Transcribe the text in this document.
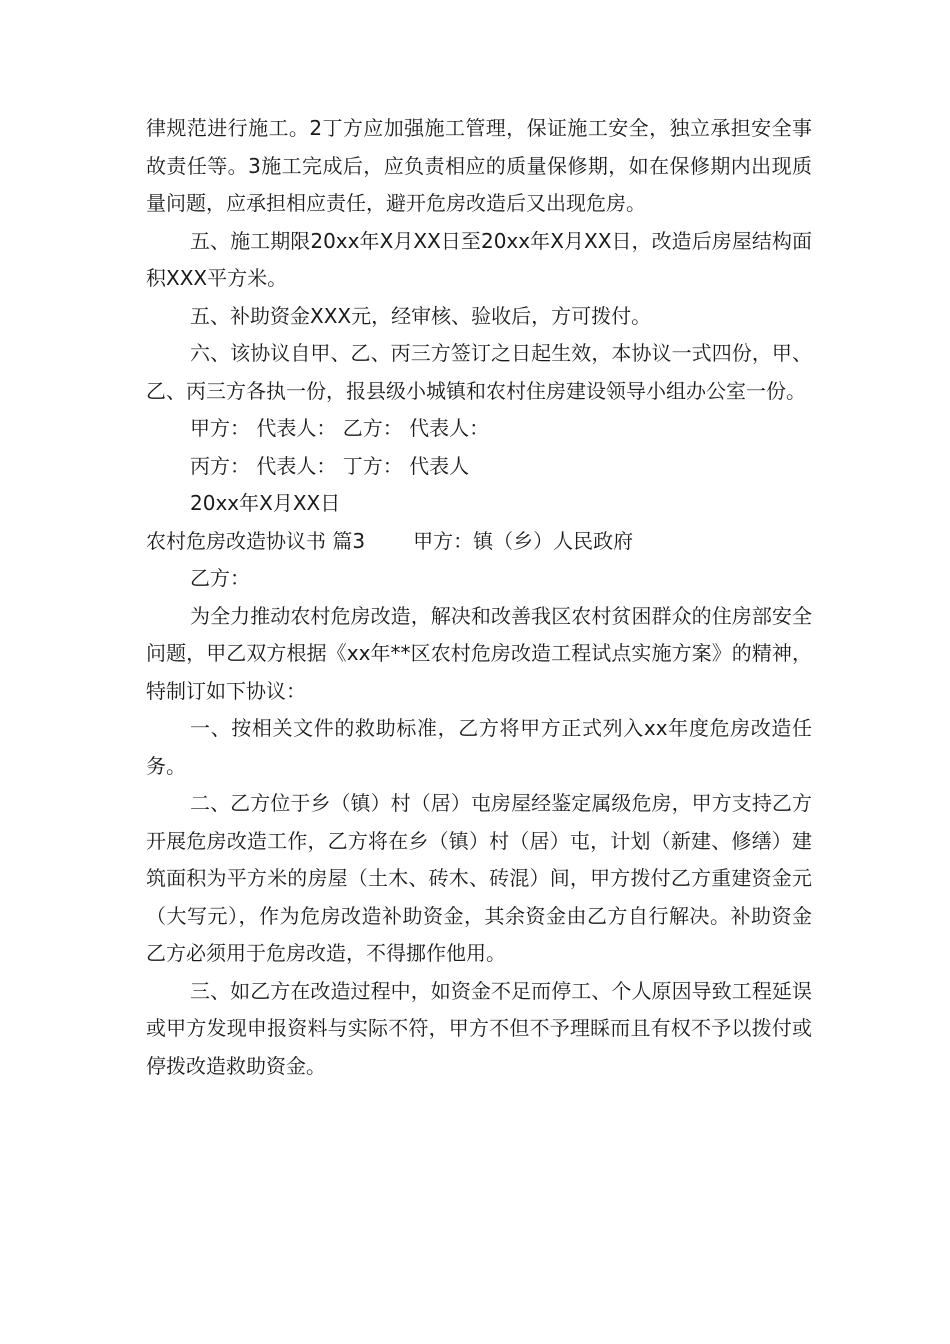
律规范进行施工。2丁方应加强施工管理，保证施工安全，独立承担安全事故责任等。3施工完成后，应负责相应的质量保修期，如在保修期内出现质量问题，应承担相应责任，避开危房改造后又出现危房。

五、施工期限20xx年X月XX日至20xx年X月XX日，改造后房屋结构面积XXX平方米。

五、补助资金XXX元，经审核、验收后，方可拨付。

六、该协议自甲、乙、丙三方签订之日起生效，本协议一式四份，甲、乙、丙三方各执一份，报县级小城镇和农村住房建设领导小组办公室一份。

甲方： 代表人： 乙方： 代表人：

丙方： 代表人： 丁方： 代表人

20xx年X月XX日

农村危房改造协议书 篇3 甲方：镇（乡）人民政府

乙方：

为全力推动农村危房改造，解决和改善我区农村贫困群众的住房部安全问题，甲乙双方根据《xx年**区农村危房改造工程试点实施方案》的精神，特制订如下协议：

一、按相关文件的救助标准，乙方将甲方正式列入xx年度危房改造任务。

二、乙方位于乡（镇）村（居）屯房屋经鉴定属级危房，甲方支持乙方开展危房改造工作，乙方将在乡（镇）村（居）屯，计划（新建、修缮）建筑面积为平方米的房屋（土木、砖木、砖混）间，甲方拨付乙方重建资金元（大写元），作为危房改造补助资金，其余资金由乙方自行解决。补助资金乙方必须用于危房改造，不得挪作他用。

三、如乙方在改造过程中，如资金不足而停工、个人原因导致工程延误或甲方发现申报资料与实际不符，甲方不但不予理睬而且有权不予以拨付或停拨改造救助资金。
